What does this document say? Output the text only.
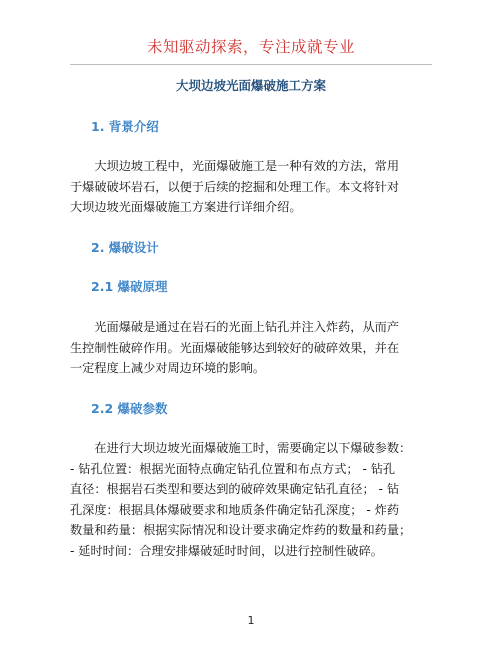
未知驱动探索，专注成就专业
大坝边坡光面爆破施工方案
1. 背景介绍
　　大坝边坡工程中，光面爆破施工是一种有效的方法，常用
于爆破破坏岩石，以便于后续的挖掘和处理工作。本文将针对
大坝边坡光面爆破施工方案进行详细介绍。
2. 爆破设计
2.1 爆破原理
　　光面爆破是通过在岩石的光面上钻孔并注入炸药，从而产
生控制性破碎作用。光面爆破能够达到较好的破碎效果，并在
一定程度上减少对周边环境的影响。
2.2 爆破参数
　　在进行大坝边坡光面爆破施工时，需要确定以下爆破参数：
- 钻孔位置：根据光面特点确定钻孔位置和布点方式； - 钻孔
直径：根据岩石类型和要达到的破碎效果确定钻孔直径； - 钻
孔深度：根据具体爆破要求和地质条件确定钻孔深度； - 炸药
数量和药量：根据实际情况和设计要求确定炸药的数量和药量；
- 延时时间：合理安排爆破延时时间，以进行控制性破碎。
1
